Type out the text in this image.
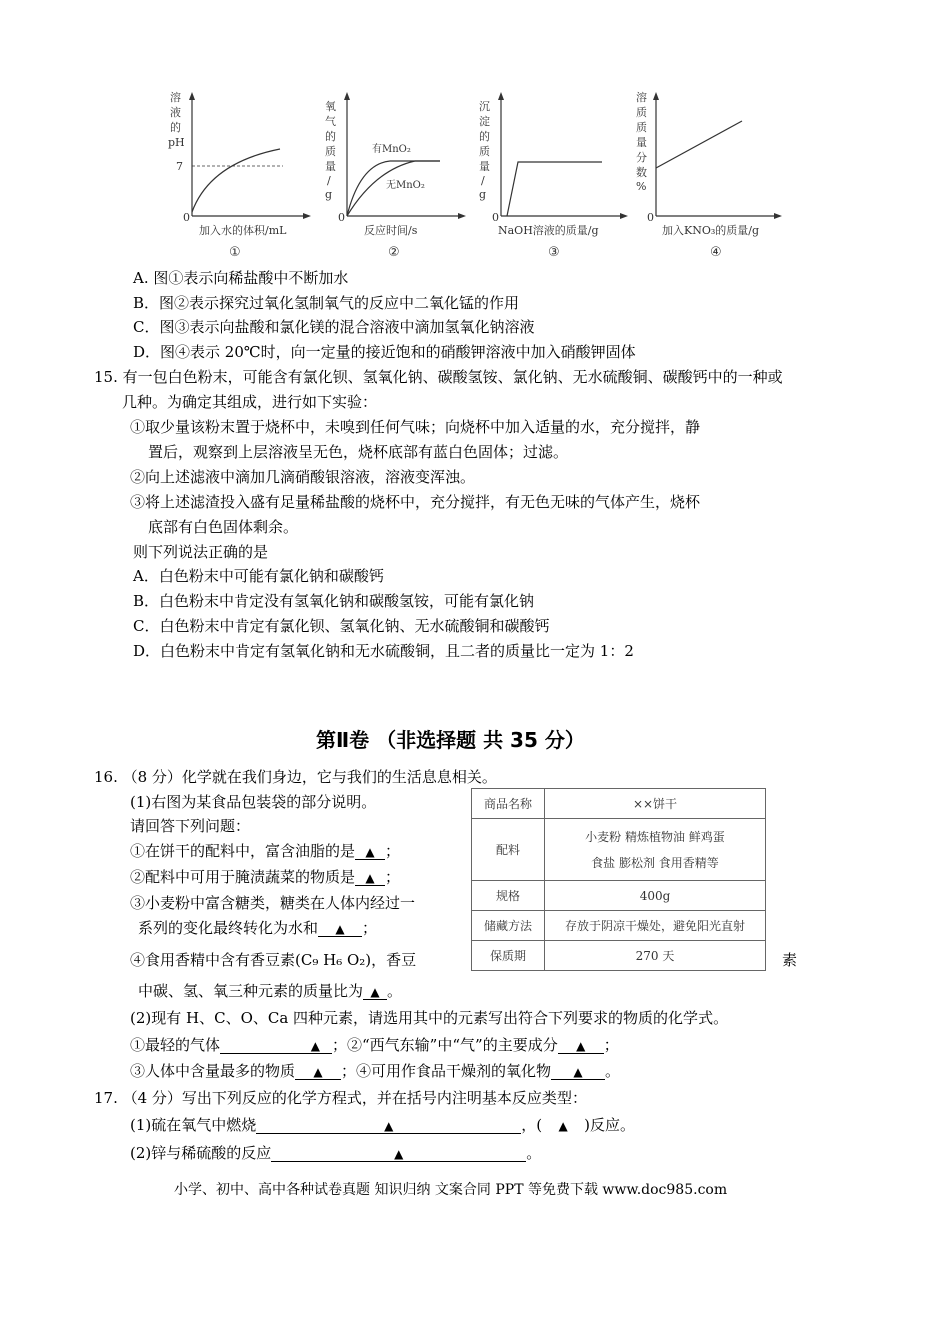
溶
液
的
pH
7
0
加入水的体积/mL
①
氧
气
的
质
量
/
g
0
有MnO₂
无MnO₂
反应时间/s
②
沉
淀
的
质
量
/
g
0
NaOH溶液的质量/g
③
溶
质
质
量
分
数
%
0
加入KNO₃的质量/g
④
A. 图①表示向稀盐酸中不断加水
B．图②表示探究过氧化氢制氧气的反应中二氧化锰的作用
C．图③表示向盐酸和氯化镁的混合溶液中滴加氢氧化钠溶液
D．图④表示 20℃时，向一定量的接近饱和的硝酸钾溶液中加入硝酸钾固体
15. 有一包白色粉末，可能含有氯化钡、氢氧化钠、碳酸氢铵、氯化钠、无水硫酸铜、碳酸钙中的一种或
几种。为确定其组成，进行如下实验：
①取少量该粉末置于烧杯中，未嗅到任何气味；向烧杯中加入适量的水，充分搅拌，静
置后，观察到上层溶液呈无色，烧杯底部有蓝白色固体；过滤。
②向上述滤液中滴加几滴硝酸银溶液，溶液变浑浊。
③将上述滤渣投入盛有足量稀盐酸的烧杯中，充分搅拌，有无色无味的气体产生，烧杯
底部有白色固体剩余。
则下列说法正确的是
A．白色粉末中可能有氯化钠和碳酸钙
B．白色粉末中肯定没有氢氧化钠和碳酸氢铵，可能有氯化钠
C．白色粉末中肯定有氯化钡、氢氧化钠、无水硫酸铜和碳酸钙
D．白色粉末中肯定有氢氧化钠和无水硫酸铜，且二者的质量比一定为 1：2
第Ⅱ卷 （非选择题 共 35 分）
16. （8 分）化学就在我们身边，它与我们的生活息息相关。
(1)右图为某食品包装袋的部分说明。
请回答下列问题：
①在饼干的配料中，富含油脂的是 ▲ ；
②配料中可用于腌渍蔬菜的物质是 ▲ ；
③小麦粉中富含糖类，糖类在人体内经过一
系列的变化最终转化为水和 ▲ ；
④食用香精中含有香豆素(C₉ H₆ O₂)，香豆	素
中碳、氢、氧三种元素的质量比为 ▲ 。
商品名称	××饼干
配料	小麦粉 精炼植物油 鲜鸡蛋
食盐 膨松剂 食用香精等

规格	400g
储藏方法	存放于阴凉干燥处，避免阳光直射
保质期	270 天
(2)现有 H、C、O、Ca 四种元素，请选用其中的元素写出符合下列要求的物质的化学式。
①最轻的气体	▲ ；②“西气东输”中“气”的主要成分 ▲ ；
③人体中含量最多的物质 ▲ ；④可用作食品干燥剂的氧化物 ▲ 。
17. （4 分）写出下列反应的化学方程式，并在括号内注明基本反应类型：
(1)硫在氧气中燃烧	▲	，( ▲ )反应。
(2)锌与稀硫酸的反应	▲	。
小学、初中、高中各种试卷真题 知识归纳 文案合同 PPT 等免费下载 www.doc985.com
